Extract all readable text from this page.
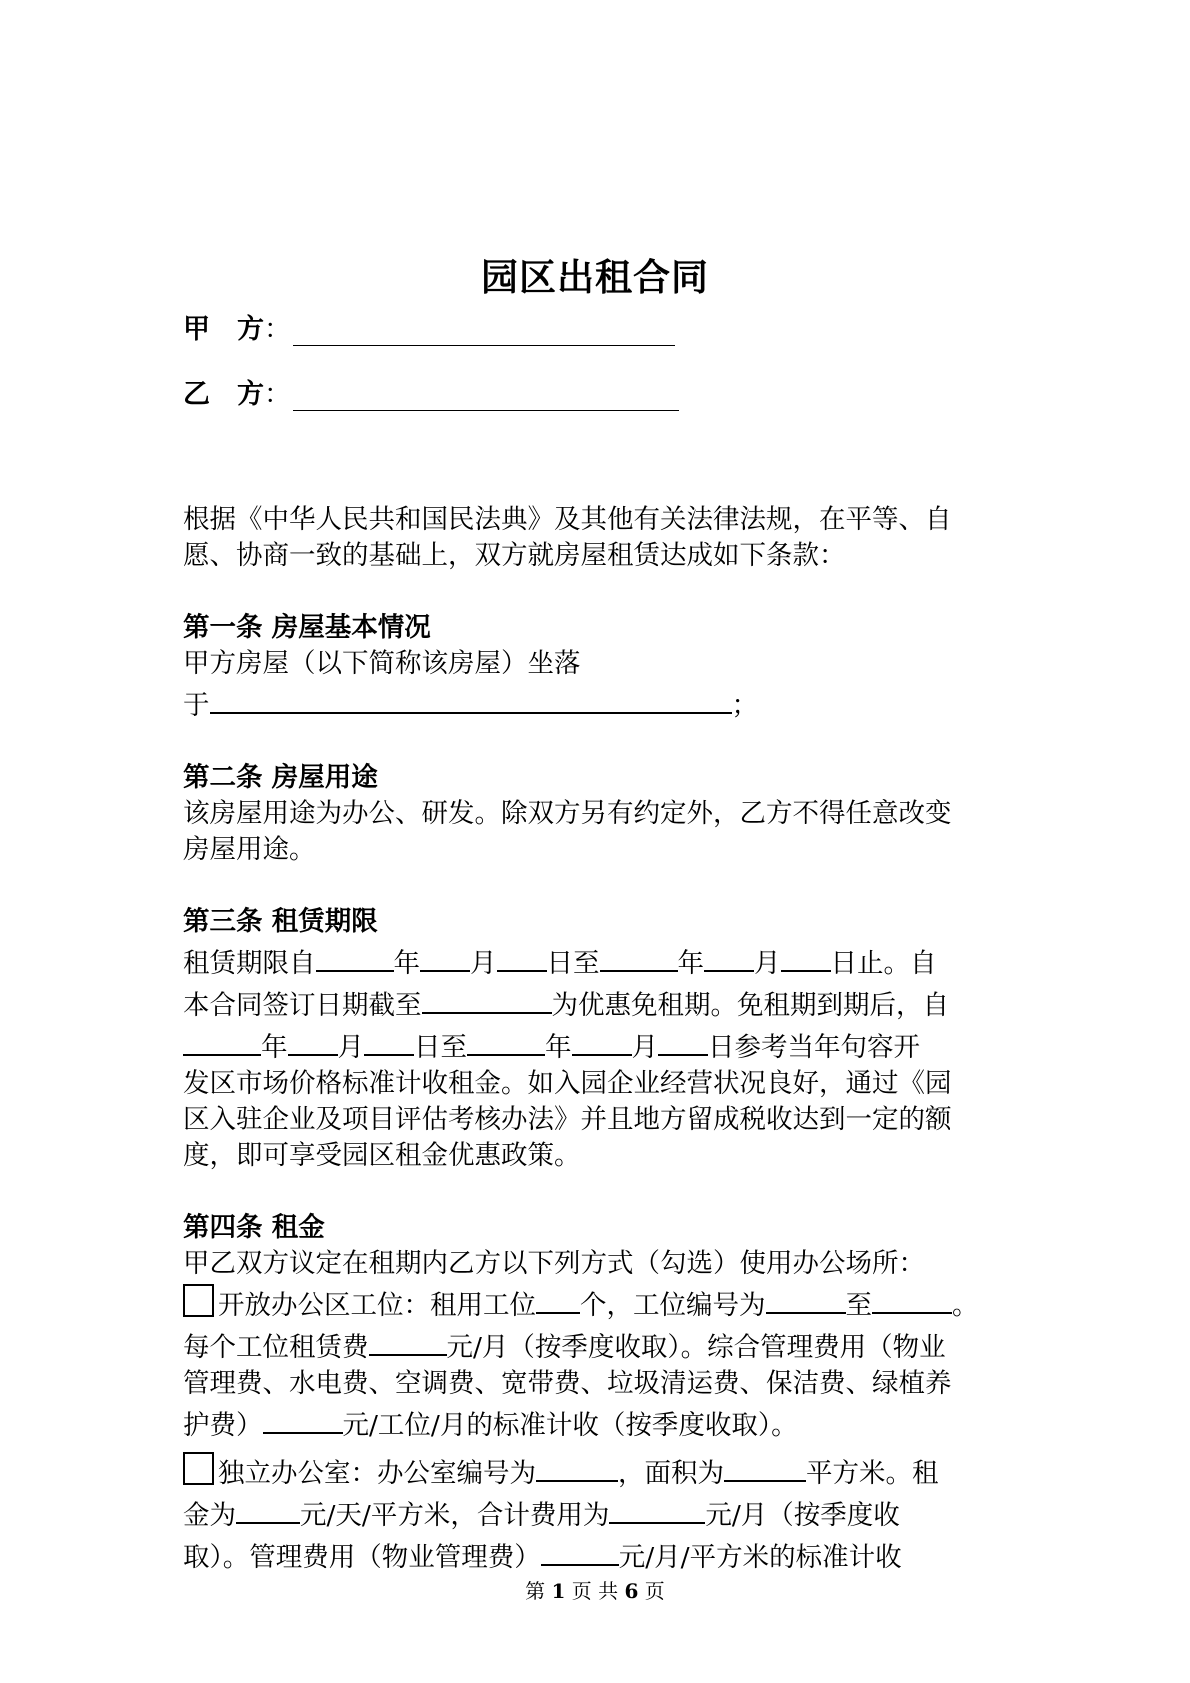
园区出租合同
甲　方 ：
乙　方 ：

根据《中华人民共和国民法典》及其他有关法律法规，在平等、自

愿、协商一致的基础上，双方就房屋租赁达成如下条款：

第一条 房屋基本情况

甲方房屋（以下简称该房屋）坐落

于	；

第二条 房屋用途

该房屋用途为办公、研发。除双方另有约定外，乙方不得任意改变

房屋用途。

第三条 租赁期限

租赁期限自	年 月 日至	年 月 日止。自

本合同签订日期截至	为优惠免租期。免租期到期后，自

年 月 日至	年 月 日参考当年句容开

发区市场价格标准计收租金。如入园企业经营状况良好，通过《园

区入驻企业及项目评估考核办法》并且地方留成税收达到一定的额

度，即可享受园区租金优惠政策。

第四条 租金

甲乙双方议定在租期内乙方以下列方式（勾选）使用办公场所：

开放办公区工位：租用工位 个，工位编号为	至	。

每个工位租赁费	元/月（按季度收取）。综合管理费用（物业

管理费、水电费、空调费、宽带费、垃圾清运费、保洁费、绿植养

护费）	元/工位/月的标准计收（按季度收取）。

独立办公室：办公室编号为	，面积为	平方米。租

金为 元/天/平方米，合计费用为	元/月（按季度收

取）。管理费用（物业管理费）	元/月/平方米的标准计收

第 1 页 共 6 页
